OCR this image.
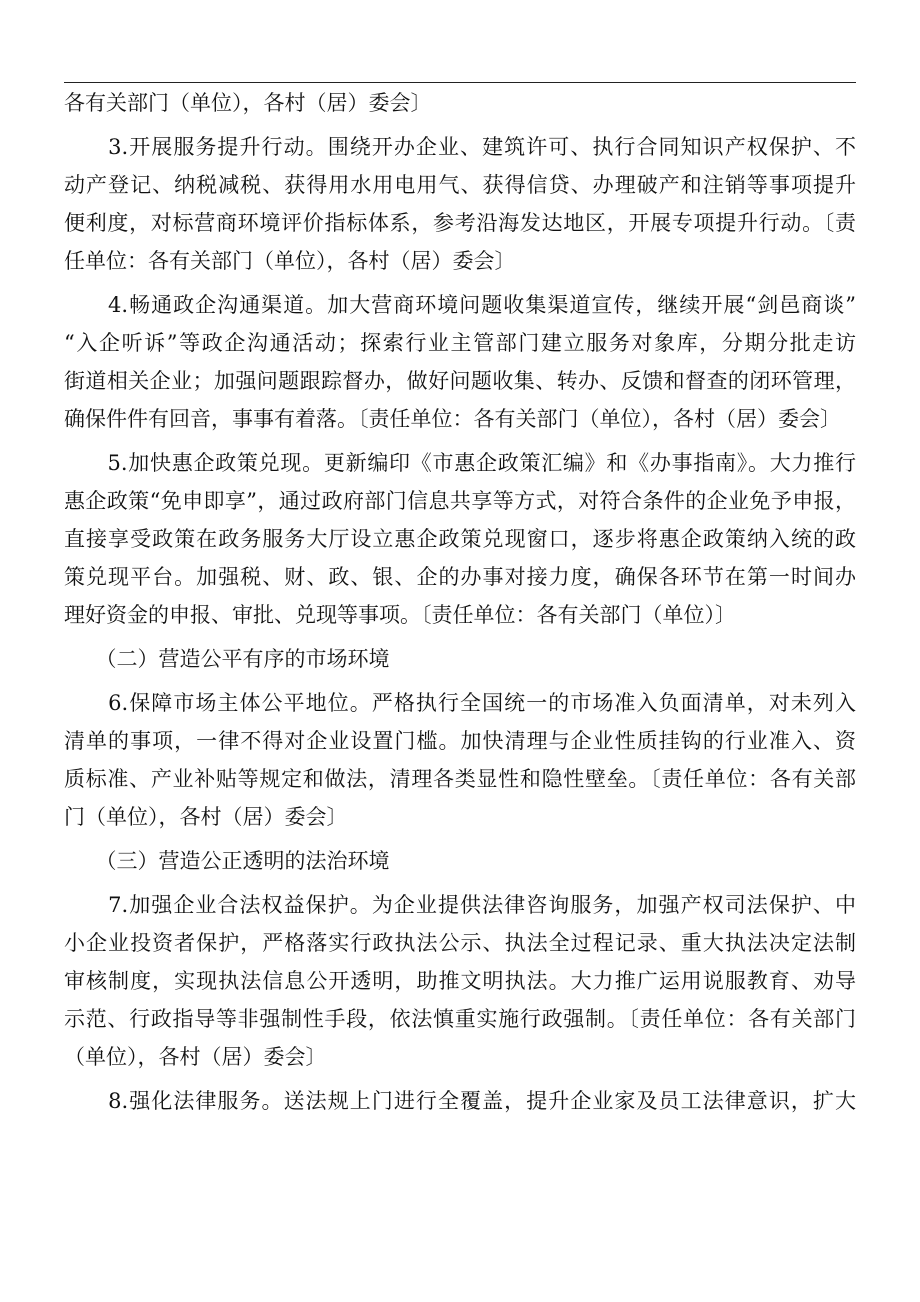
各有关部门（单位），各村（居）委会〕
　　3.开展服务提升行动。围绕开办企业、建筑许可、执行合同知识产权保护、不
动产登记、纳税减税、获得用水用电用气、获得信贷、办理破产和注销等事项提升
便利度，对标营商环境评价指标体系，参考沿海发达地区，开展专项提升行动。〔责
任单位：各有关部门（单位），各村（居）委会〕
　　4.畅通政企沟通渠道。加大营商环境问题收集渠道宣传，继续开展“剑邑商谈”
“入企听诉”等政企沟通活动；探索行业主管部门建立服务对象库，分期分批走访
街道相关企业；加强问题跟踪督办，做好问题收集、转办、反馈和督查的闭环管理，
确保件件有回音，事事有着落。〔责任单位：各有关部门（单位），各村（居）委会〕
　　5.加快惠企政策兑现。更新编印《市惠企政策汇编》和《办事指南》。大力推行
惠企政策“免申即享”，通过政府部门信息共享等方式，对符合条件的企业免予申报，
直接享受政策在政务服务大厅设立惠企政策兑现窗口，逐步将惠企政策纳入统的政
策兑现平台。加强税、财、政、银、企的办事对接力度，确保各环节在第一时间办
理好资金的申报、审批、兑现等事项。〔责任单位：各有关部门（单位）〕
　　（二）营造公平有序的市场环境
　　6.保障市场主体公平地位。严格执行全国统一的市场准入负面清单，对未列入
清单的事项，一律不得对企业设置门槛。加快清理与企业性质挂钩的行业准入、资
质标准、产业补贴等规定和做法，清理各类显性和隐性壁垒。〔责任单位：各有关部
门（单位），各村（居）委会〕
　　（三）营造公正透明的法治环境
　　7.加强企业合法权益保护。为企业提供法律咨询服务，加强产权司法保护、中
小企业投资者保护，严格落实行政执法公示、执法全过程记录、重大执法决定法制
审核制度，实现执法信息公开透明，助推文明执法。大力推广运用说服教育、劝导
示范、行政指导等非强制性手段，依法慎重实施行政强制。〔责任单位：各有关部门
（单位），各村（居）委会〕
　　8.强化法律服务。送法规上门进行全覆盖，提升企业家及员工法律意识，扩大
